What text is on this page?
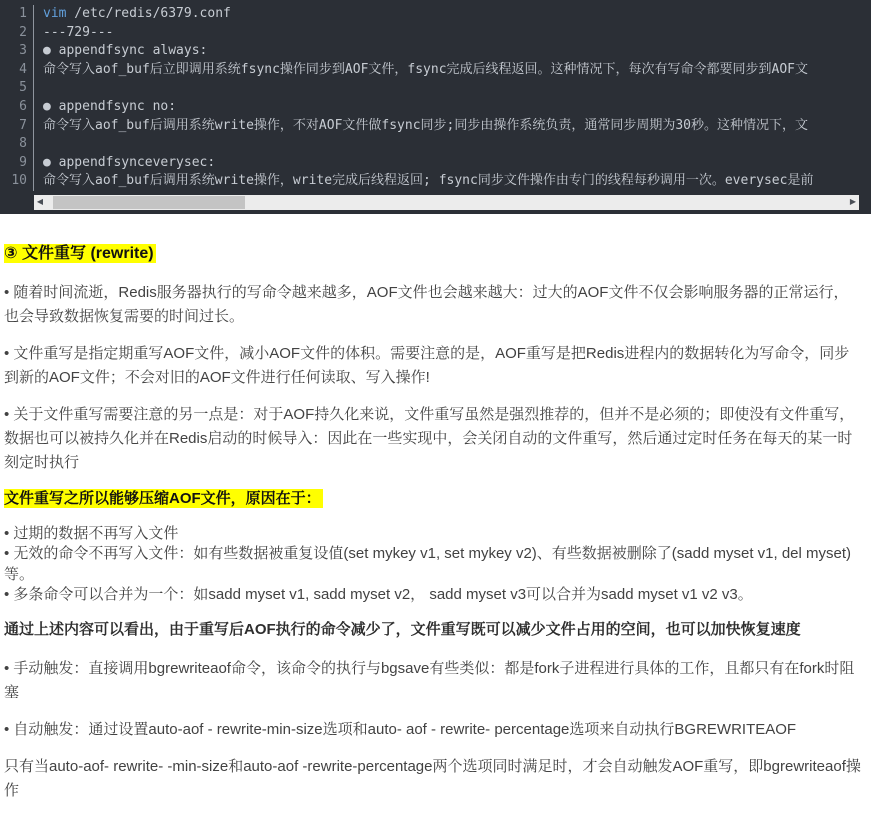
1	vim /etc/redis/6379.conf
2	---729---
3	● appendfsync always:
4	命令写入aof_buf后立即调用系统fsync操作同步到AOF文件，fsync完成后线程返回。这种情况下，每次有写命令都要同步到AOF文
5
6	● appendfsync no:
7	命令写入aof_buf后调用系统write操作，不对AOF文件做fsync同步;同步由操作系统负责，通常同步周期为30秒。这种情况下，文
8
9	● appendfsynceverysec:
10	命令写入aof_buf后调用系统write操作，write完成后线程返回; fsync同步文件操作由专门的线程每秒调用一次。everysec是前
◀	▶
③ 文件重写 (rewrite)
• 随着时间流逝，Redis服务器执行的写命令越来越多，AOF文件也会越来越大：过大的AOF文件不仅会影响服务器的正常运行，也会导致数据恢复需要的时间过长。
• 文件重写是指定期重写AOF文件，减小AOF文件的体积。需要注意的是，AOF重写是把Redis进程内的数据转化为写命令，同步到新的AOF文件；不会对旧的AOF文件进行任何读取、写入操作!
• 关于文件重写需要注意的另一点是：对于AOF持久化来说，文件重写虽然是强烈推荐的，但并不是必须的；即使没有文件重写，数据也可以被持久化并在Redis启动的时候导入：因此在一些实现中，会关闭自动的文件重写，然后通过定时任务在每天的某一时刻定时执行
文件重写之所以能够压缩AOF文件，原因在于：
• 过期的数据不再写入文件
• 无效的命令不再写入文件：如有些数据被重复设值(set mykey v1, set mykey v2)、有些数据被删除了(sadd myset v1, del myset) 等。
• 多条命令可以合并为一个：如sadd myset v1, sadd myset v2， sadd myset v3可以合并为sadd myset v1 v2 v3。
通过上述内容可以看出，由于重写后AOF执行的命令减少了，文件重写既可以减少文件占用的空间，也可以加快恢复速度
• 手动触发：直接调用bgrewriteaof命令，该命令的执行与bgsave有些类似：都是fork子进程进行具体的工作，且都只有在fork时阻塞
• 自动触发：通过设置auto-aof - rewrite-min-size选项和auto- aof - rewrite- percentage选项来自动执行BGREWRITEAOF
只有当auto-aof- rewrite- -min-size和auto-aof -rewrite-percentage两个选项同时满足时，才会自动触发AOF重写，即bgrewriteaof操作
